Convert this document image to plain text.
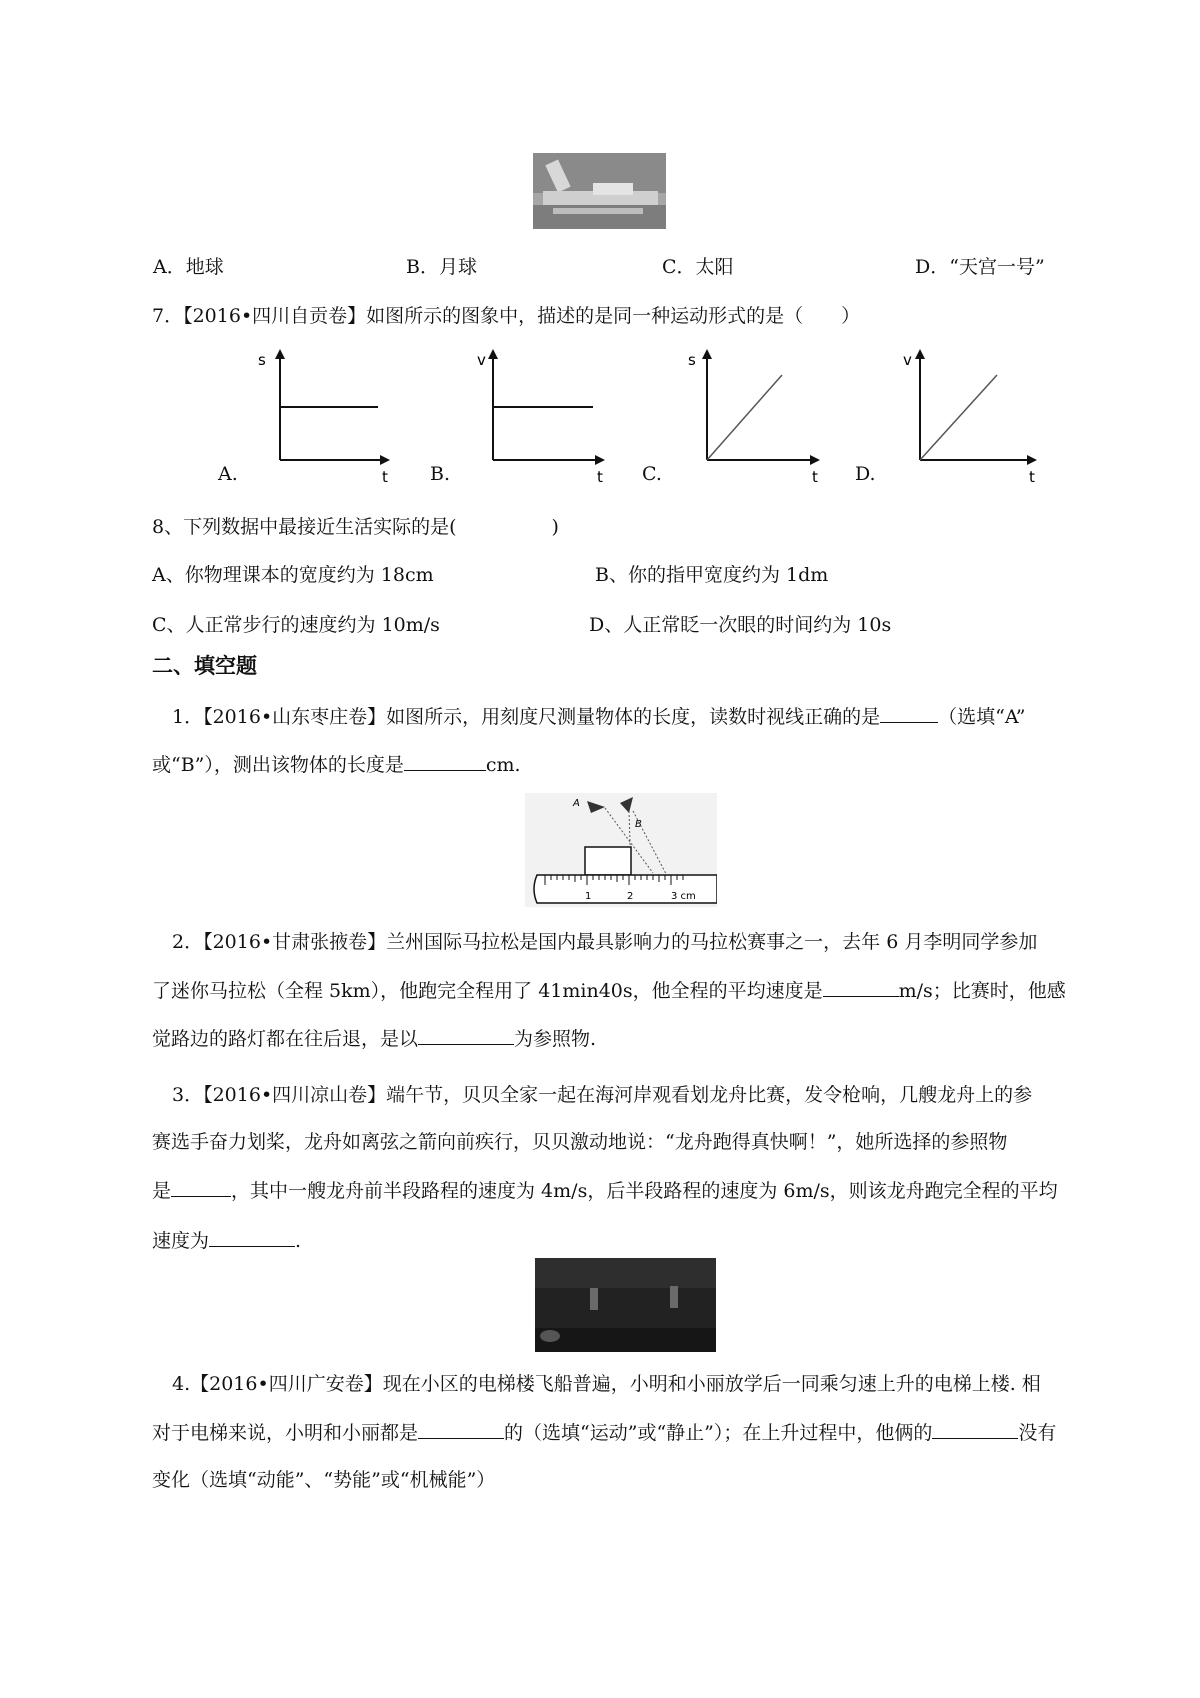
A．地球	B．月球	C．太阳	D．“天宫一号”
7．【2016•四川自贡卷】如图所示的图象中，描述的是同一种运动形式的是（　　）
A.
s
t B.
v
t C.
s
t D.
v
t
8、下列数据中最接近生活实际的是(　　　　　)
A、你物理课本的宽度约为 18cm	B、你的指甲宽度约为 1dm
C、人正常步行的速度约为 10m/s	D、人正常眨一次眼的时间约为 10s
二、填空题
1．【2016•山东枣庄卷】如图所示，用刻度尺测量物体的长度，读数时视线正确的是	（选填“A”
或“B”），测出该物体的长度是	cm.
A
B
1	2	3 cm
2．【2016•甘肃张掖卷】兰州国际马拉松是国内最具影响力的马拉松赛事之一，去年 6 月李明同学参加
了迷你马拉松（全程 5km），他跑完全程用了 41min40s，他全程的平均速度是	m/s；比赛时，他感
觉路边的路灯都在往后退，是以	为参照物.
3．【2016•四川凉山卷】端午节，贝贝全家一起在海河岸观看划龙舟比赛，发令枪响，几艘龙舟上的参
赛选手奋力划桨，龙舟如离弦之箭向前疾行，贝贝激动地说：“龙舟跑得真快啊！”，她所选择的参照物
是	，其中一艘龙舟前半段路程的速度为 4m/s，后半段路程的速度为 6m/s，则该龙舟跑完全程的平均
速度为	.
4.【2016•四川广安卷】现在小区的电梯楼飞船普遍，小明和小丽放学后一同乘匀速上升的电梯上楼. 相
对于电梯来说，小明和小丽都是	的（选填“运动”或“静止”）；在上升过程中，他俩的	没有
变化（选填“动能”、“势能”或“机械能”）
